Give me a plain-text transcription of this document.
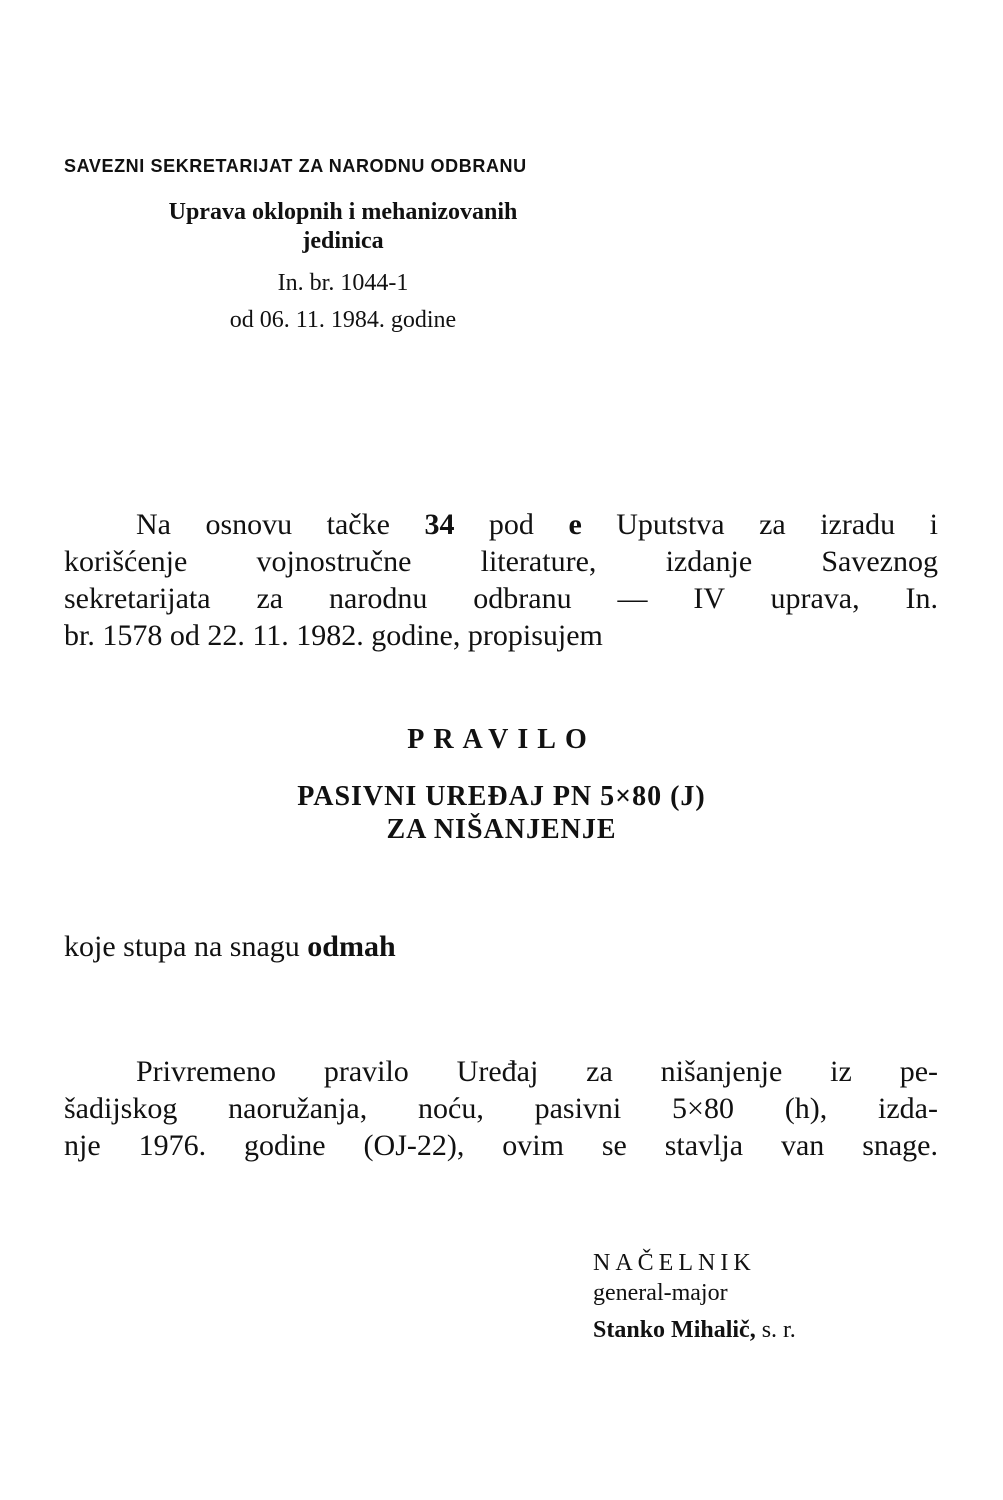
SAVEZNI SEKRETARIJAT ZA NARODNU ODBRANU
Uprava oklopnih i mehanizovanih
jedinica
In. br. 1044-1
od 06. 11. 1984. godine
Na osnovu tačke 34 pod e Uputstva za izradu i
korišćenje vojnostručne literature, izdanje Saveznog
sekretarijata za narodnu odbranu — IV uprava, In.
br. 1578 od 22. 11. 1982. godine, propisujem
PRAVILO
PASIVNI UREĐAJ PN 5×80 (J)
ZA NIŠANJENJE
koje stupa na snagu odmah
Privremeno pravilo Uređaj za nišanjenje iz pe-
šadijskog naoružanja, noću, pasivni 5×80 (h), izda-
nje 1976. godine (OJ-22), ovim se stavlja van snage.
NAČELNIK
general-major
Stanko Mihalič, s. r.
